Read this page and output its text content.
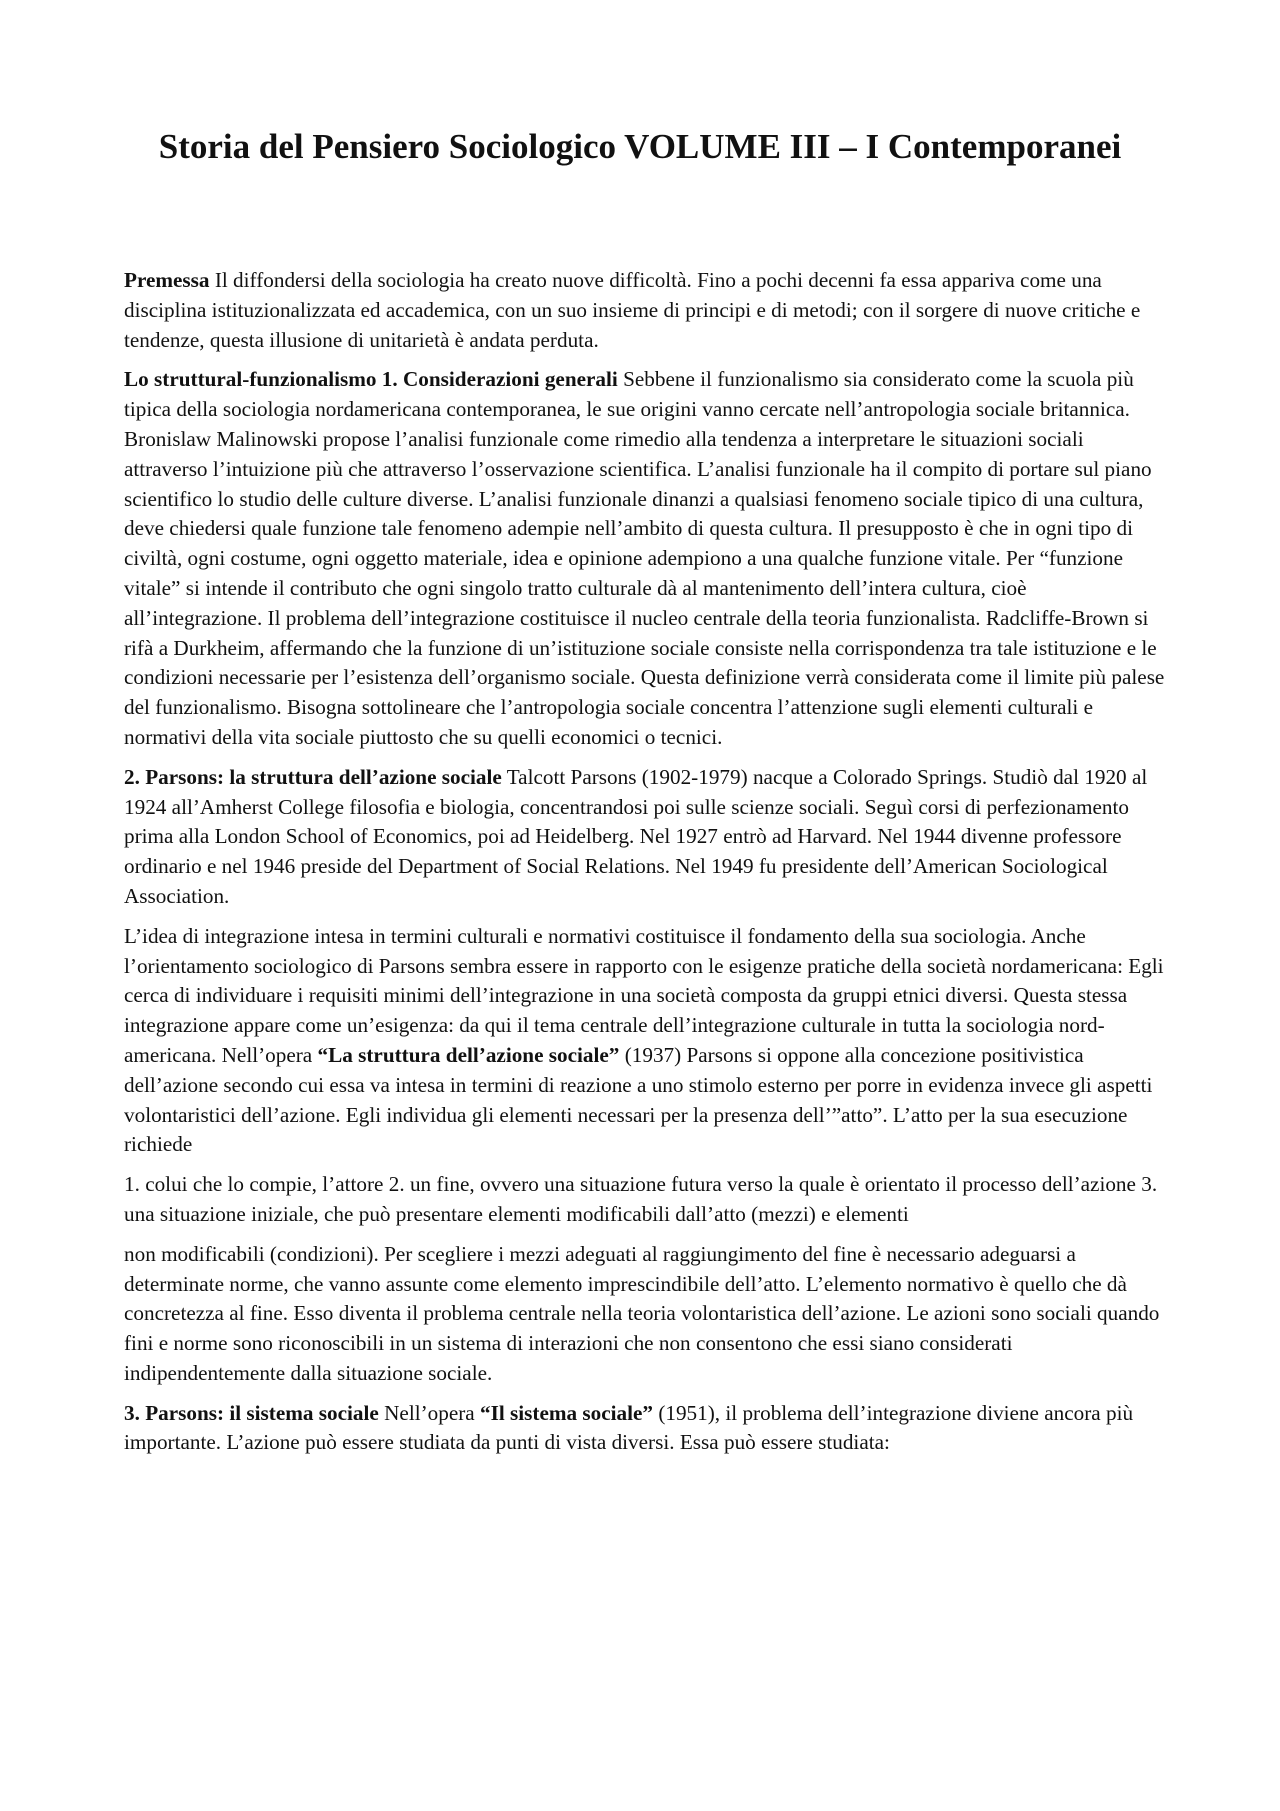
Storia del Pensiero Sociologico VOLUME III – I Contemporanei

Premessa Il diffondersi della sociologia ha creato nuove difficoltà. Fino a pochi decenni fa essa appariva come una disciplina istituzionalizzata ed accademica, con un suo insieme di principi e di metodi; con il sorgere di nuove critiche e tendenze, questa illusione di unitarietà è andata perduta.

Lo struttural-funzionalismo 1. Considerazioni generali Sebbene il funzionalismo sia considerato come la scuola più tipica della sociologia nordamericana contemporanea, le sue origini vanno cercate nell’antropologia sociale britannica. Bronislaw Malinowski propose l’analisi funzionale come rimedio alla tendenza a interpretare le situazioni sociali attraverso l’intuizione più che attraverso l’osservazione scientifica. L’analisi funzionale ha il compito di portare sul piano scientifico lo studio delle culture diverse. L’analisi funzionale dinanzi a qualsiasi fenomeno sociale tipico di una cultura, deve chiedersi quale funzione tale fenomeno adempie nell’ambito di questa cultura. Il presupposto è che in ogni tipo di civiltà, ogni costume, ogni oggetto materiale, idea e opinione adempiono a una qualche funzione vitale. Per “funzione vitale” si intende il contributo che ogni singolo tratto culturale dà al mantenimento dell’intera cultura, cioè all’integrazione. Il problema dell’integrazione costituisce il nucleo centrale della teoria funzionalista. Radcliffe-Brown si rifà a Durkheim, affermando che la funzione di un’istituzione sociale consiste nella corrispondenza tra tale istituzione e le condizioni necessarie per l’esistenza dell’organismo sociale. Questa definizione verrà considerata come il limite più palese del funzionalismo. Bisogna sottolineare che l’antropologia sociale concentra l’attenzione sugli elementi culturali e normativi della vita sociale piuttosto che su quelli economici o tecnici.

2. Parsons: la struttura dell’azione sociale Talcott Parsons (1902-1979) nacque a Colorado Springs. Studiò dal 1920 al 1924 all’Amherst College filosofia e biologia, concentrandosi poi sulle scienze sociali. Seguì corsi di perfezionamento prima alla London School of Economics, poi ad Heidelberg. Nel 1927 entrò ad Harvard. Nel 1944 divenne professore ordinario e nel 1946 preside del Department of Social Relations. Nel 1949 fu presidente dell’American Sociological Association.

L’idea di integrazione intesa in termini culturali e normativi costituisce il fondamento della sua sociologia. Anche l’orientamento sociologico di Parsons sembra essere in rapporto con le esigenze pratiche della società nordamericana: Egli cerca di individuare i requisiti minimi dell’integrazione in una società composta da gruppi etnici diversi. Questa stessa integrazione appare come un’esigenza: da qui il tema centrale dell’integrazione culturale in tutta la sociologia nord-americana. Nell’opera “La struttura dell’azione sociale” (1937) Parsons si oppone alla concezione positivistica dell’azione secondo cui essa va intesa in termini di reazione a uno stimolo esterno per porre in evidenza invece gli aspetti volontaristici dell’azione. Egli individua gli elementi necessari per la presenza dell’”atto”. L’atto per la sua esecuzione richiede

1. colui che lo compie, l’attore 2. un fine, ovvero una situazione futura verso la quale è orientato il processo dell’azione 3. una situazione iniziale, che può presentare elementi modificabili dall’atto (mezzi) e elementi

non modificabili (condizioni). Per scegliere i mezzi adeguati al raggiungimento del fine è necessario adeguarsi a determinate norme, che vanno assunte come elemento imprescindibile dell’atto. L’elemento normativo è quello che dà concretezza al fine. Esso diventa il problema centrale nella teoria volontaristica dell’azione. Le azioni sono sociali quando fini e norme sono riconoscibili in un sistema di interazioni che non consentono che essi siano considerati indipendentemente dalla situazione sociale.

3. Parsons: il sistema sociale Nell’opera “Il sistema sociale” (1951), il problema dell’integrazione diviene ancora più importante. L’azione può essere studiata da punti di vista diversi. Essa può essere studiata:
